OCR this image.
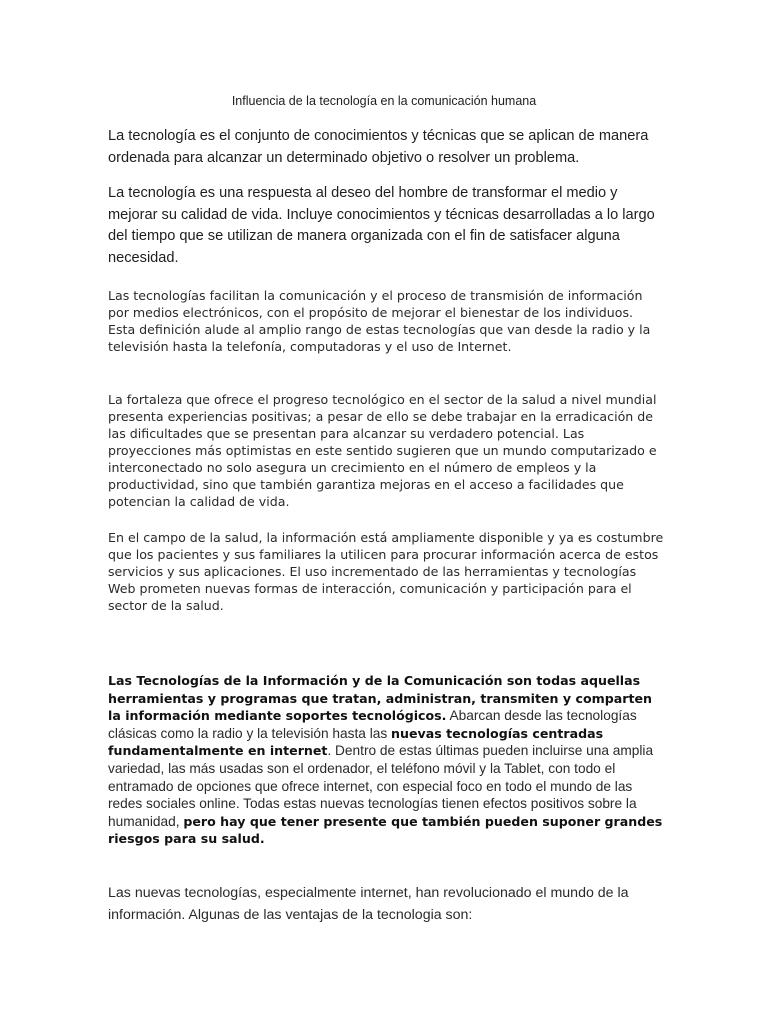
Influencia de la tecnología en la comunicación humana

La tecnología es el conjunto de conocimientos y técnicas que se aplican de manera ordenada para alcanzar un determinado objetivo o resolver un problema.

La tecnología es una respuesta al deseo del hombre de transformar el medio y mejorar su calidad de vida. Incluye conocimientos y técnicas desarrolladas a lo largo del tiempo que se utilizan de manera organizada con el fin de satisfacer alguna necesidad.

Las tecnologías facilitan la comunicación y el proceso de transmisión de información por medios electrónicos, con el propósito de mejorar el bienestar de los individuos. Esta definición alude al amplio rango de estas tecnologías que van desde la radio y la televisión hasta la telefonía, computadoras y el uso de Internet.

La fortaleza que ofrece el progreso tecnológico en el sector de la salud a nivel mundial presenta experiencias positivas; a pesar de ello se debe trabajar en la erradicación de las dificultades que se presentan para alcanzar su verdadero potencial. Las proyecciones más optimistas en este sentido sugieren que un mundo computarizado e interconectado no solo asegura un crecimiento en el número de empleos y la productividad, sino que también garantiza mejoras en el acceso a facilidades que potencian la calidad de vida.

En el campo de la salud, la información está ampliamente disponible y ya es costumbre que los pacientes y sus familiares la utilicen para procurar información acerca de estos servicios y sus aplicaciones. El uso incrementado de las herramientas y tecnologías Web prometen nuevas formas de interacción, comunicación y participación para el sector de la salud.

Las Tecnologías de la Información y de la Comunicación son todas aquellas herramientas y programas que tratan, administran, transmiten y comparten la información mediante soportes tecnológicos. Abarcan desde las tecnologías clásicas como la radio y la televisión hasta las nuevas tecnologías centradas fundamentalmente en internet. Dentro de estas últimas pueden incluirse una amplia variedad, las más usadas son el ordenador, el teléfono móvil y la Tablet, con todo el entramado de opciones que ofrece internet, con especial foco en todo el mundo de las redes sociales online. Todas estas nuevas tecnologías tienen efectos positivos sobre la humanidad, pero hay que tener presente que también pueden suponer grandes riesgos para su salud.

Las nuevas tecnologías, especialmente internet, han revolucionado el mundo de la información. Algunas de las ventajas de la tecnologia son:
